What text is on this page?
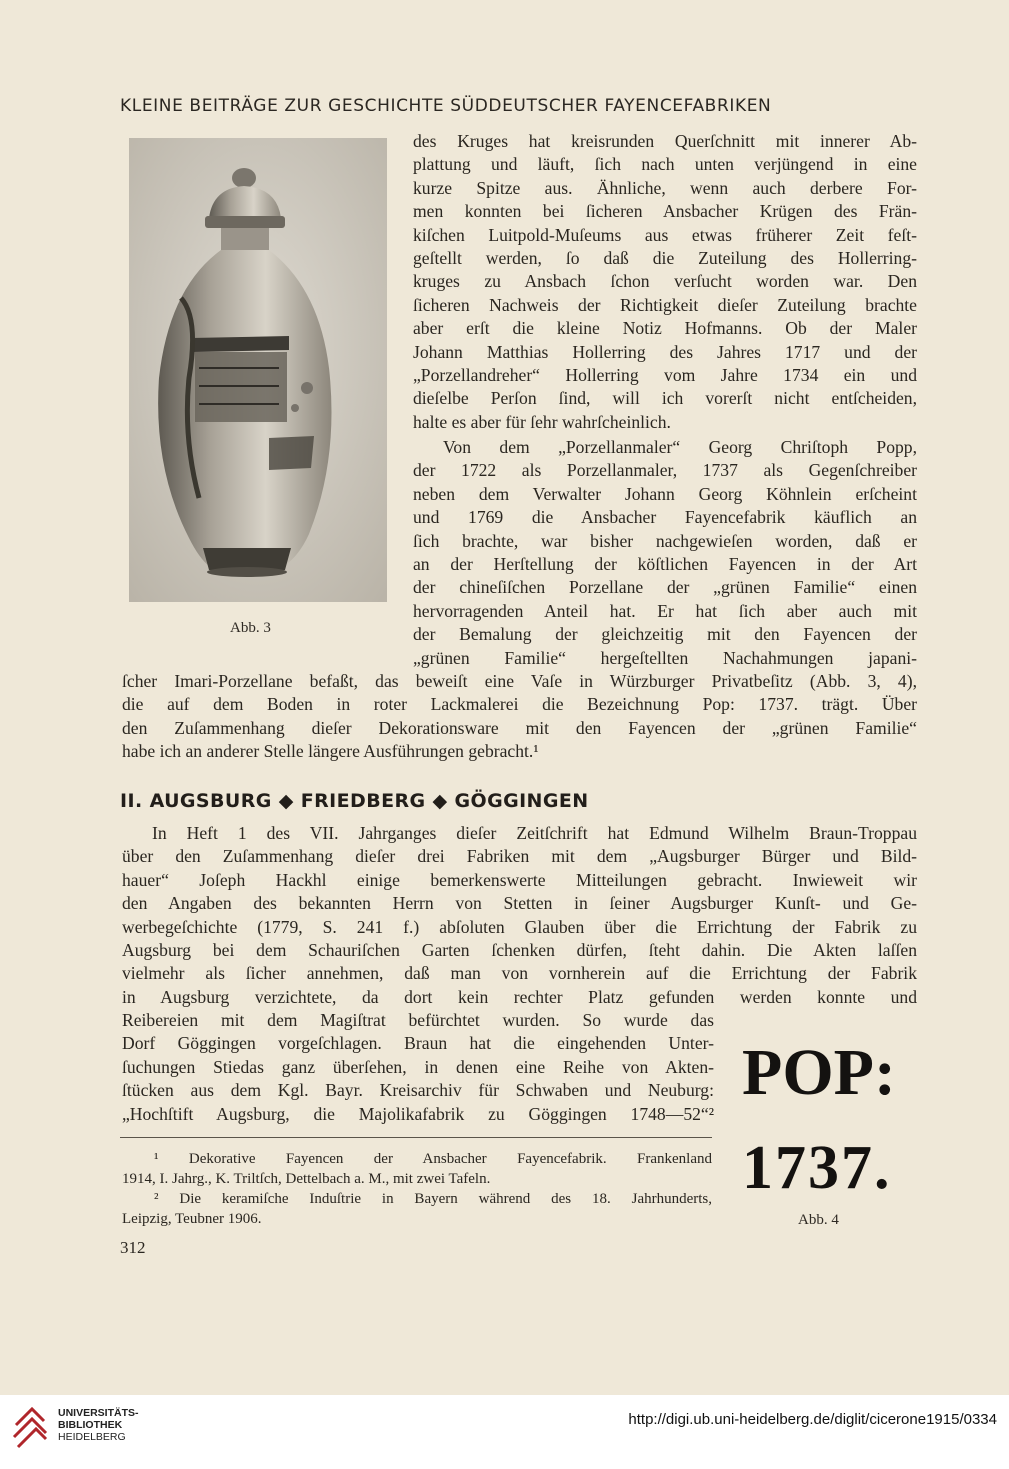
KLEINE BEITRÄGE ZUR GESCHICHTE SÜDDEUTSCHER FAYENCEFABRIKEN
Abb. 3
des Kruges hat kreisrunden Querſchnitt mit innerer Ab-
plattung und läuft, ſich nach unten verjüngend in eine
kurze Spitze aus. Ähnliche, wenn auch derbere For-
men konnten bei ſicheren Ansbacher Krügen des Frän-
kiſchen Luitpold-Muſeums aus etwas früherer Zeit feſt-
geſtellt werden, ſo daß die Zuteilung des Hollerring-
kruges zu Ansbach ſchon verſucht worden war. Den
ſicheren Nachweis der Richtigkeit dieſer Zuteilung brachte
aber erſt die kleine Notiz Hofmanns. Ob der Maler
Johann Matthias Hollerring des Jahres 1717 und der
„Porzellandreher“ Hollerring vom Jahre 1734 ein und
dieſelbe Perſon ſind, will ich vorerſt nicht entſcheiden,
halte es aber für ſehr wahrſcheinlich.
Von dem „Porzellanmaler“ Georg Chriſtoph Popp,
der 1722 als Porzellanmaler, 1737 als Gegenſchreiber
neben dem Verwalter Johann Georg Köhnlein erſcheint
und 1769 die Ansbacher Fayencefabrik käuflich an
ſich brachte, war bisher nachgewieſen worden, daß er
an der Herſtellung der köſtlichen Fayencen in der Art
der chineſiſchen Porzellane der „grünen Familie“ einen
hervorragenden Anteil hat. Er hat ſich aber auch mit
der Bemalung der gleichzeitig mit den Fayencen der
„grünen Familie“ hergeſtellten Nachahmungen japani-
ſcher Imari-Porzellane befaßt, das beweiſt eine Vaſe in Würzburger Privatbeſitz (Abb. 3, 4),
die auf dem Boden in roter Lackmalerei die Bezeichnung Pop: 1737. trägt. Über
den Zuſammenhang dieſer Dekorationsware mit den Fayencen der „grünen Familie“
habe ich an anderer Stelle längere Ausführungen gebracht.¹
II. AUGSBURG ◆ FRIEDBERG ◆ GÖGGINGEN
In Heft 1 des VII. Jahrganges dieſer Zeitſchrift hat Edmund Wilhelm Braun-Troppau
über den Zuſammenhang dieſer drei Fabriken mit dem „Augsburger Bürger und Bild-
hauer“ Joſeph Hackhl einige bemerkenswerte Mitteilungen gebracht. Inwieweit wir
den Angaben des bekannten Herrn von Stetten in ſeiner Augsburger Kunſt- und Ge-
werbegeſchichte (1779, S. 241 f.) abſoluten Glauben über die Errichtung der Fabrik zu
Augsburg bei dem Schauriſchen Garten ſchenken dürfen, ſteht dahin. Die Akten laſſen
vielmehr als ſicher annehmen, daß man von vornherein auf die Errichtung der Fabrik
in Augsburg verzichtete, da dort kein rechter Platz gefunden werden konnte und
Reibereien mit dem Magiſtrat befürchtet wurden. So wurde das
Dorf Göggingen vorgeſchlagen. Braun hat die eingehenden Unter-
ſuchungen Stiedas ganz überſehen, in denen eine Reihe von Akten-
ſtücken aus dem Kgl. Bayr. Kreisarchiv für Schwaben und Neuburg:
„Hochſtift Augsburg, die Majolikafabrik zu Göggingen 1748—52“²
¹ Dekorative Fayencen der Ansbacher Fayencefabrik. Frankenland
1914, I. Jahrg., K. Triltſch, Dettelbach a. M., mit zwei Tafeln.
² Die keramiſche Induſtrie in Bayern während des 18. Jahrhunderts,
Leipzig, Teubner 1906.
312
POP:
1737.
Abb. 4
UNIVERSITÄTS-
BIBLIOTHEK
HEIDELBERG
http://digi.ub.uni-heidelberg.de/diglit/cicerone1915/0334
